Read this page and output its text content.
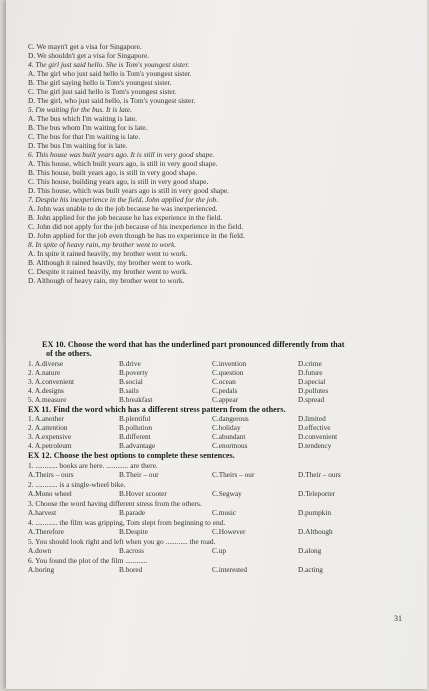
C. We mayn't get a visa for Singapore.
D. We shouldn't get a visa for Singapore.
4. The girl just said hello. She is Tom's youngest sister.
A. The girl who just said hello is Tom's youngest sister.
B. The girl saying hello is Tom's youngest sister.
C. The girl just said hello is Tom's youngest sister.
D. The girl, who just said hello, is Tom's youngest sister.
5. I'm waiting for the bus. It is late.
A. The bus which I'm waiting is late.
B. The bus whom I'm waiting for is late.
C. The bus for that I'm waiting is late.
D. The bus I'm waiting for is late.
6. This house was built years ago. It is still in very good shape.
A. This house, which built years ago, is still in very good shape.
B. This house, built years ago, is still in very good shape.
C. This house, building years ago, is still in very good shape.
D. This house, which was built years ago is still in very good shape.
7. Despite his inexperience in the field, John applied for the job.
A. John was unable to do the job because he was inexperienced.
B. John applied for the job because he has experience in the field.
C. John did not apply for the job because of his inexperience in the field.
D. John applied for the job even though he has no experience in the field.
8. In spite of heavy rain, my brother went to work.
A. In spite it rained heavily, my brother went to work.
B. Although it rained heavily, my brother went to work.
C. Despite it rained heavily, my brother went to work.
D. Although of heavy rain, my brother went to work.
EX 10. Choose the word that has the underlined part pronounced differently from that
of the others.
1. A. diverse	B. drive	C. invention	D. crime
2. A. nature	B. poverty	C. question	D. future
3. A. convenient	B. social	C. ocean	D. special
4. A. designs	B. sails	C. pedals	D. pollutes
5. A. measure	B. breakfast	C. appear	D. spread
EX 11. Find the word which has a different stress pattern from the others.
1. A. another	B. plentiful	C. dangerous	D. limited
2. A. attention	B. pollution	C. holiday	D. effective
3. A. expensive	B. different	C. abundant	D. convenient
4. A. petroleum	B. advantage	C. enormous	D. tendency
EX 12. Choose the best options to complete these sentences.
1. ............ books are here. ............ are there.
A. Theirs – ours	B. Their – our	C. Theirs – our	D. Their – ours
2. ............ is a single-wheel bike.
A. Mono wheel	B. Hover scooter	C. Segway	D. Teleporter
3. Choose the word having different stress from the others.
A. harvest	B. parade	C. music	D. pumpkin
4. ............ the film was gripping, Tom slept from beginning to end.
A. Therefore	B. Despite	C. However	D. Although
5. You should look right and left when you go ............ the road.
A. down	B. across	C. up	D. along
6. You found the plot of the film ............
A. boring	B. bored	C. interested	D. acting
31
